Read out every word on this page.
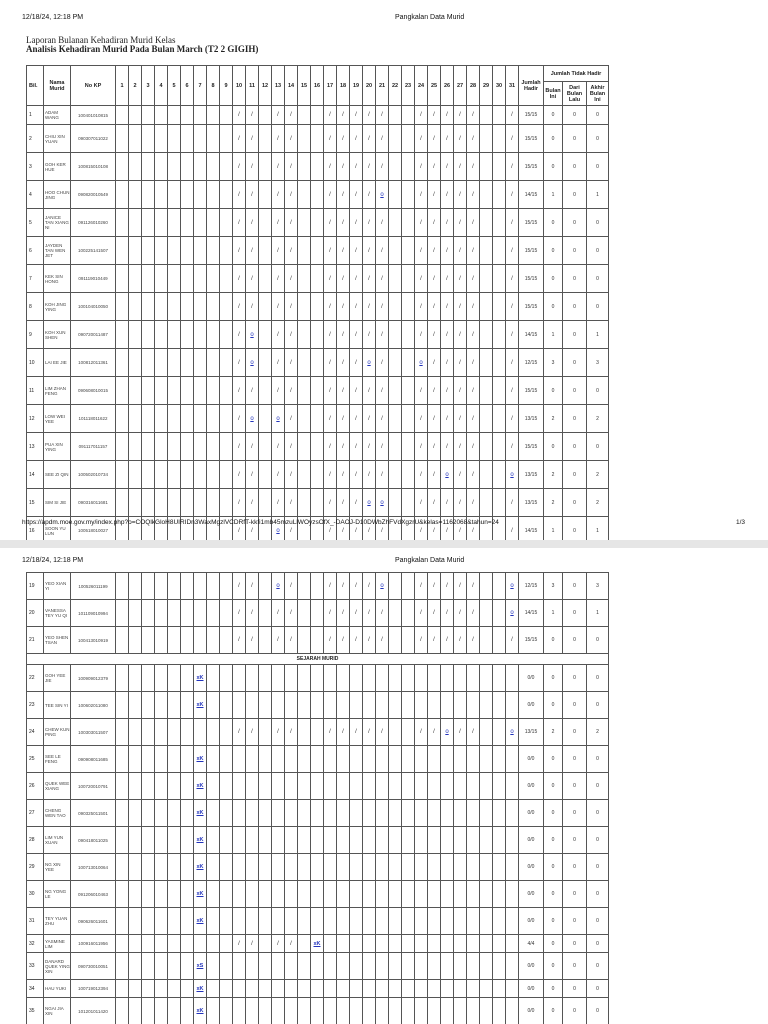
12/18/24, 12:18 PM	Pangkalan Data Murid
Laporan Bulanan Kehadiran Murid Kelas
Analisis Kehadiran Murid Pada Bulan March (T2 2 GIGIH)
Bil.	Nama Murid	No KP	1	2	3	4	5	6	7	8	9	10	11	12	13	14	15	16	17	18	19	20	21	22	23	24	25	26	27	28	29	30	31	Jumlah Hadir	Jumlah Tidak Hadir		
																																			Bulan Ini	Dari Bulan Lalu	Akhir Bulan Ini
1	ADAM WANG	100401010815										/	/		/	/			/	/	/	/	/			/	/	/	/	/			/	15/15	0	0	0
2	CHIU XIN YUAN	090307011022										/	/		/	/			/	/	/	/	/			/	/	/	/	/			/	15/15	0	0	0
3	GOH KER HUE	100815010108										/	/		/	/			/	/	/	/	/			/	/	/	/	/			/	15/15	0	0	0
4	HOO CHUN JING	090820010549										/	/		/	/			/	/	/	/	o			/	/	/	/	/			/	14/15	1	0	1
5	JANICE TAN XIANG NI	091126010260										/	/		/	/			/	/	/	/	/			/	/	/	/	/			/	15/15	0	0	0
6	JAYDEN TAN WEN JET	100225141507										/	/		/	/			/	/	/	/	/			/	/	/	/	/			/	15/15	0	0	0
7	KEK SIN HONG	091119010449										/	/		/	/			/	/	/	/	/			/	/	/	/	/			/	15/15	0	0	0
8	KOH JING YING	100104010050										/	/		/	/			/	/	/	/	/			/	/	/	/	/			/	15/15	0	0	0
9	KOH XUN SHEN	090720011487										/	o		/	/			/	/	/	/	/			/	/	/	/	/			/	14/15	1	0	1
10	LAI EE JIE	100812011361										/	o		/	/			/	/	/	o	/			o	/	/	/	/			/	12/15	3	0	3
11	LIM ZHAN FENG	090608010015										/	/		/	/			/	/	/	/	/			/	/	/	/	/			/	15/15	0	0	0
12	LOW WEI YEE	101118011622										/	o		o	/			/	/	/	/	/			/	/	/	/	/			/	13/15	2	0	2
13	PUA XIN YING	091117011157										/	/		/	/			/	/	/	/	/			/	/	/	/	/			/	15/15	0	0	0
14	SEE ZI QIN	100502010734										/	/		/	/			/	/	/	/	/			/	/	o	/	/			o	13/15	2	0	2
15	SIM SI JIE	090316011681										/	/		/	/			/	/	/	o	o			/	/	/	/	/			/	13/15	2	0	2
16	SOON YU LUN	100518010027										/	/		o	/			/	/	/	/	/			/	/	/	/	/			/	14/15	1	0	1

https://apdm.moe.gov.my/index.php?o=COQlkGloH8UIRIDn3WaxMgzlVCDRfT-kkfi1mb45mzuLlWOyzsOfX_-DAOJ-D10DWbZhFVdXgzrU&kelas=1162068&tahun=24	1/3
12/18/24, 12:18 PM	Pangkalan Data Murid
19	YEO XIAN YI	100526011199										/	/		o	/			/	/	/	/	o			/	/	/	/	/			o	12/15	3	0	3
20	VANESSA TEY YU QI	101109010994										/	/		/	/			/	/	/	/	/			/	/	/	/	/			o	14/15	1	0	1
21	YEO SHEN TSAN	100413010919										/	/		/	/			/	/	/	/	/			/	/	/	/	/			/	15/15	0	0	0
SEJARAH MURID																																					
22	GOH YEE JIE	100909012379							xK																									0/0	0	0	0
23	TEE SIN YI	100602011080							xK																									0/0	0	0	0
24	CHEW KUN PING	100303011507										/	/		/	/			/	/	/	/	/			/	/	o	/	/			o	13/15	2	0	2
25	SEE LE FENG	090908011685							xK																									0/0	0	0	0
26	QUEK WEE XIANG	100720010791							xK																									0/0	0	0	0
27	CHENG WEN TAO	090325011501							xK																									0/0	0	0	0
28	LIM YUN XUAN	090418011025							xK																									0/0	0	0	0
29	NG XIN YEE	100713010064							xK																									0/0	0	0	0
30	NG YONG LE	091206010463							xK																									0/0	0	0	0
31	TEY YUAN ZHU	090626011601							xK																									0/0	0	0	0
32	YASMINE LIM	100916011956										/	/		/	/		xK																4/4	0	0	0
33	DANARD QUEK YING XIN	090730010051							xS																									0/0	0	0	0
34	HAU YUKI	100719012394							xK																									0/0	0	0	0
35	NGAI JIA XIN	101201011420							xK																									0/0	0	0	0
